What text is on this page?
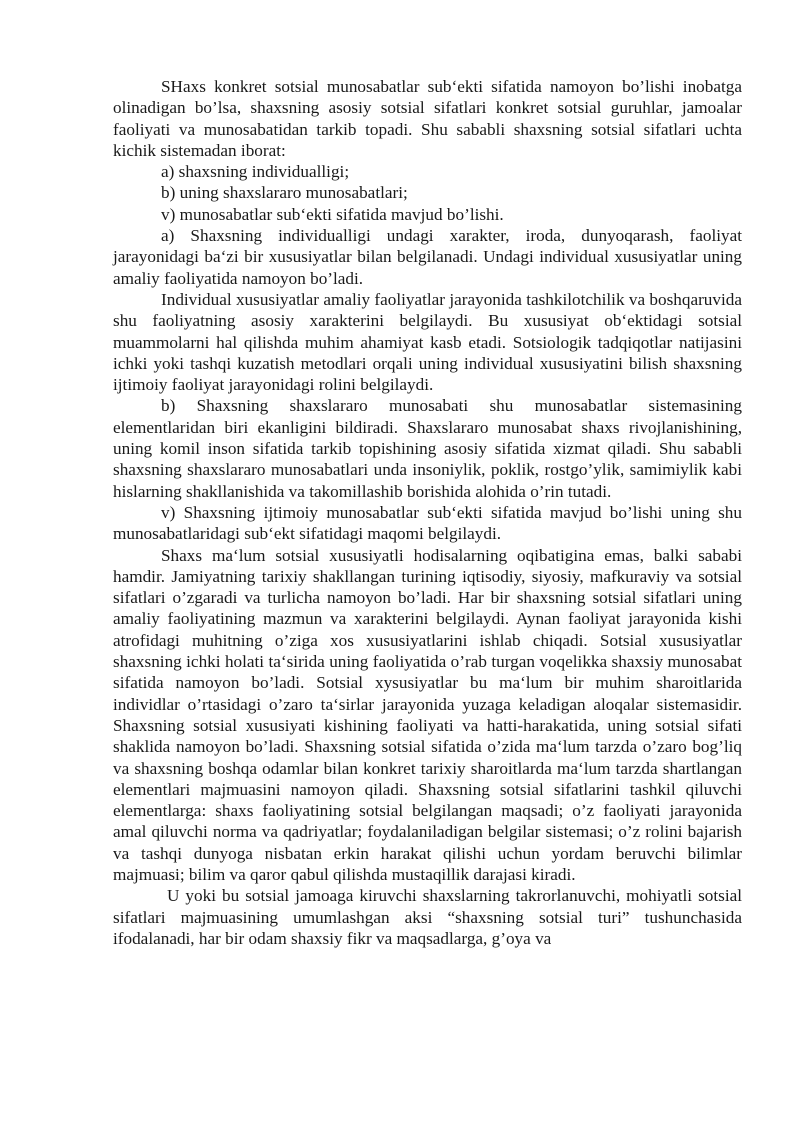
SHaxs konkret sotsial munosabatlar sub‘ekti sifatida namoyon bo’lishi inobatga olinadigan bo’lsa, shaxsning asosiy sotsial sifatlari konkret sotsial guruhlar, jamoalar faoliyati va munosabatidan tarkib topadi. Shu sababli shaxsning sotsial sifatlari uchta kichik sistemadan iborat:

a) shaxsning individualligi;

b) uning shaxslararo munosabatlari;

v) munosabatlar sub‘ekti sifatida mavjud bo’lishi.

a) Shaxsning individualligi undagi xarakter, iroda, dunyoqarash, faoliyat jarayonidagi ba‘zi bir xususiyatlar bilan belgilanadi. Undagi individual xususiyatlar uning amaliy faoliyatida namoyon bo’ladi.

Individual xususiyatlar amaliy faoliyatlar jarayonida tashkilotchilik va boshqaruvida shu faoliyatning asosiy xarakterini belgilaydi. Bu xususiyat ob‘ektidagi sotsial muammolarni hal qilishda muhim ahamiyat kasb etadi. Sotsiologik tadqiqotlar natijasini ichki yoki tashqi kuzatish metodlari orqali uning individual xususiyatini bilish shaxsning ijtimoiy faoliyat jarayonidagi rolini belgilaydi.

b) Shaxsning shaxslararo munosabati shu munosabatlar sistemasining elementlaridan biri ekanligini bildiradi. Shaxslararo munosabat shaxs rivojlanishining, uning komil inson sifatida tarkib topishining asosiy sifatida xizmat qiladi. Shu sababli shaxsning shaxslararo munosabatlari unda insoniylik, poklik, rostgo’ylik, samimiylik kabi hislarning shakllanishida va takomillashib borishida alohida o’rin tutadi.

v) Shaxsning ijtimoiy munosabatlar sub‘ekti sifatida mavjud bo’lishi uning shu munosabatlaridagi sub‘ekt sifatidagi maqomi belgilaydi.

Shaxs ma‘lum sotsial xususiyatli hodisalarning oqibatigina emas, balki sababi hamdir. Jamiyatning tarixiy shakllangan turining iqtisodiy, siyosiy, mafkuraviy va sotsial sifatlari o’zgaradi va turlicha namoyon bo’ladi. Har bir shaxsning sotsial sifatlari uning amaliy faoliyatining mazmun va xarakterini belgilaydi. Aynan faoliyat jarayonida kishi atrofidagi muhitning o’ziga xos xususiyatlarini ishlab chiqadi. Sotsial xususiyatlar shaxsning ichki holati ta‘sirida uning faoliyatida o’rab turgan voqelikka shaxsiy munosabat sifatida namoyon bo’ladi. Sotsial xysusiyatlar bu ma‘lum bir muhim sharoitlarida individlar o’rtasidagi o’zaro ta‘sirlar jarayonida yuzaga keladigan aloqalar sistemasidir. Shaxsning sotsial xususiyati kishining faoliyati va hatti-harakatida, uning sotsial sifati shaklida namoyon bo’ladi. Shaxsning sotsial sifatida o’zida ma‘lum tarzda o’zaro bog’liq va shaxsning boshqa odamlar bilan konkret tarixiy sharoitlarda ma‘lum tarzda shartlangan elementlari majmuasini namoyon qiladi. Shaxsning sotsial sifatlarini tashkil qiluvchi elementlarga: shaxs faoliyatining sotsial belgilangan maqsadi; o’z faoliyati jarayonida amal qiluvchi norma va qadriyatlar; foydalaniladigan belgilar sistemasi; o’z rolini bajarish va tashqi dunyoga nisbatan erkin harakat qilishi uchun yordam beruvchi bilimlar majmuasi; bilim va qaror qabul qilishda mustaqillik darajasi kiradi.

U yoki bu sotsial jamoaga kiruvchi shaxslarning takrorlanuvchi, mohiyatli sotsial sifatlari majmuasining umumlashgan aksi “shaxsning sotsial turi” tushunchasida ifodalanadi, har bir odam shaxsiy fikr va maqsadlarga, g’oya va
